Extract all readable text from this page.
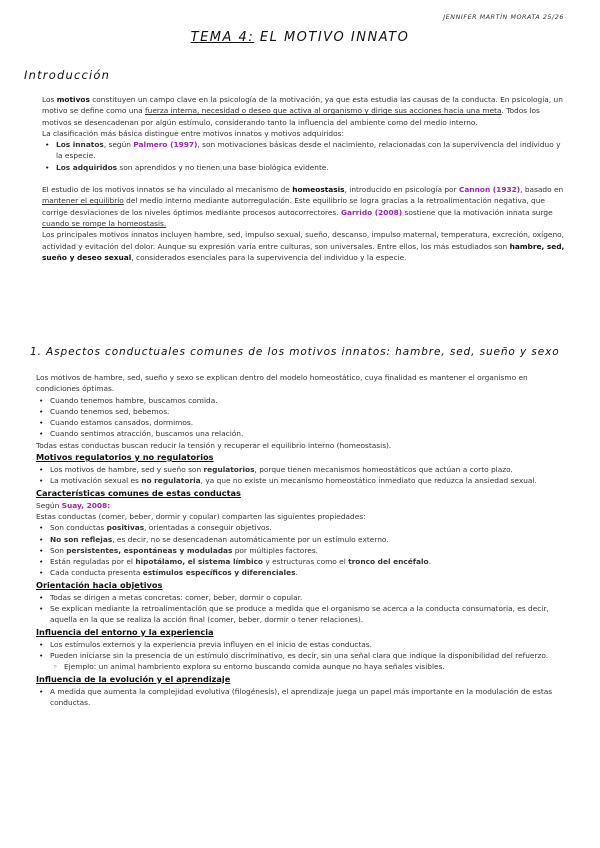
JENNIFER MARTÍN MORATA 25/26
TEMA 4: EL MOTIVO INNATO
Introducción

Los motivos constituyen un campo clave en la psicología de la motivación, ya que esta estudia las causas de la conducta. En psicología, un motivo se define como una fuerza interna, necesidad o deseo que activa al organismo y dirige sus acciones hacia una meta. Todos los motivos se desencadenan por algún estímulo, considerando tanto la influencia del ambiente como del medio interno.

La clasificación más básica distingue entre motivos innatos y motivos adquiridos:

• Los innatos, según Palmero (1997), son motivaciones básicas desde el nacimiento, relacionadas con la supervivencia del individuo y la especie.
• Los adquiridos son aprendidos y no tienen una base biológica evidente.

El estudio de los motivos innatos se ha vinculado al mecanismo de homeostasis, introducido en psicología por Cannon (1932), basado en mantener el equilibrio del medio interno mediante autorregulación. Este equilibrio se logra gracias a la retroalimentación negativa, que corrige desviaciones de los niveles óptimos mediante procesos autocorrectores. Garrido (2008) sostiene que la motivación innata surge cuando se rompe la homeostasis.

Los principales motivos innatos incluyen hambre, sed, impulso sexual, sueño, descanso, impulso maternal, temperatura, excreción, oxígeno, actividad y evitación del dolor. Aunque su expresión varía entre culturas, son universales. Entre ellos, los más estudiados son hambre, sed, sueño y deseo sexual, considerados esenciales para la supervivencia del individuo y la especie.

1. Aspectos conductuales comunes de los motivos innatos: hambre, sed, sueño y sexo

Los motivos de hambre, sed, sueño y sexo se explican dentro del modelo homeostático, cuya finalidad es mantener el organismo en condiciones óptimas.

• Cuando tenemos hambre, buscamos comida.
• Cuando tenemos sed, bebemos.
• Cuando estamos cansados, dormimos.
• Cuando sentimos atracción, buscamos una relación.

Todas estas conductas buscan reducir la tensión y recuperar el equilibrio interno (homeostasis).

Motivos regulatorios y no regulatorios

• Los motivos de hambre, sed y sueño son regulatorios, porque tienen mecanismos homeostáticos que actúan a corto plazo.
• La motivación sexual es no regulatoria, ya que no existe un mecanismo homeostático inmediato que reduzca la ansiedad sexual.

Características comunes de estas conductas

Según Suay, 2008:

Estas conductas (comer, beber, dormir y copular) comparten las siguientes propiedades:

• Son conductas positivas, orientadas a conseguir objetivos.
• No son reflejas, es decir, no se desencadenan automáticamente por un estímulo externo.
• Son persistentes, espontáneas y moduladas por múltiples factores.
• Están reguladas por el hipotálamo, el sistema límbico y estructuras como el tronco del encéfalo.
• Cada conducta presenta estímulos específicos y diferenciales.

Orientación hacia objetivos

• Todas se dirigen a metas concretas: comer, beber, dormir o copular.
• Se explican mediante la retroalimentación que se produce a medida que el organismo se acerca a la conducta consumatoria, es decir, aquella en la que se realiza la acción final (comer, beber, dormir o tener relaciones).

Influencia del entorno y la experiencia

• Los estímulos externos y la experiencia previa influyen en el inicio de estas conductas.
• Pueden iniciarse sin la presencia de un estímulo discriminativo, es decir, sin una señal clara que indique la disponibilidad del refuerzo.
◦ Ejemplo: un animal hambriento explora su entorno buscando comida aunque no haya señales visibles.

Influencia de la evolución y el aprendizaje

• A medida que aumenta la complejidad evolutiva (filogénesis), el aprendizaje juega un papel más importante en la modulación de estas conductas.
